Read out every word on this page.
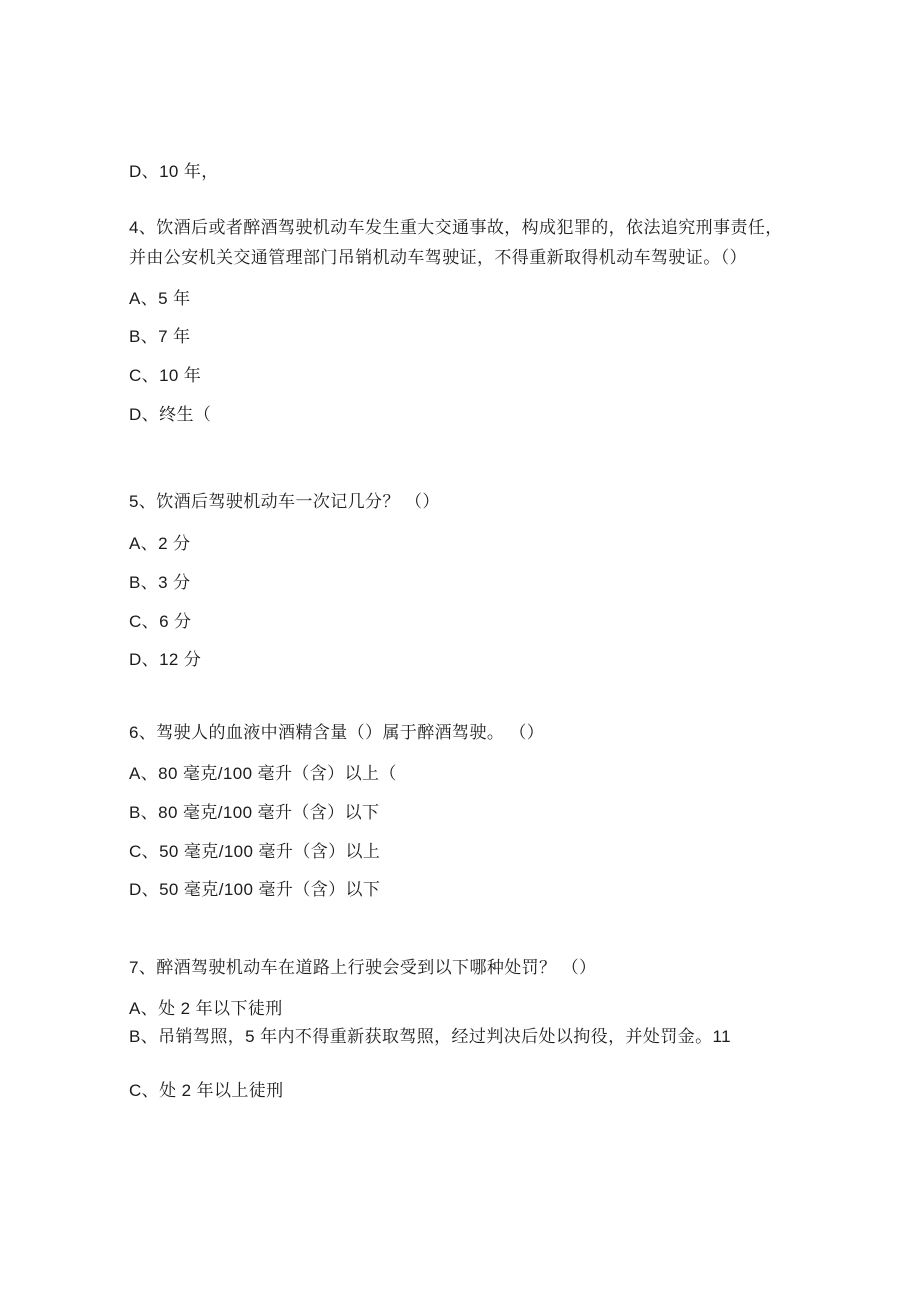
D、10 年，
4、饮酒后或者醉酒驾驶机动车发生重大交通事故，构成犯罪的，依法追究刑事责任，
并由公安机关交通管理部门吊销机动车驾驶证，不得重新取得机动车驾驶证。（）
A、5 年
B、7 年
C、10 年
D、终生（
5、饮酒后驾驶机动车一次记几分？ （）
A、2 分
B、3 分
C、6 分
D、12 分
6、驾驶人的血液中酒精含量（）属于醉酒驾驶。 （）
A、80 毫克/100 毫升（含）以上（
B、80 毫克/100 毫升（含）以下
C、50 毫克/100 毫升（含）以上
D、50 毫克/100 毫升（含）以下
7、醉酒驾驶机动车在道路上行驶会受到以下哪种处罚？ （）
A、处 2 年以下徒刑
B、吊销驾照，5 年内不得重新获取驾照，经过判决后处以拘役，并处罚金。11
C、处 2 年以上徒刑
